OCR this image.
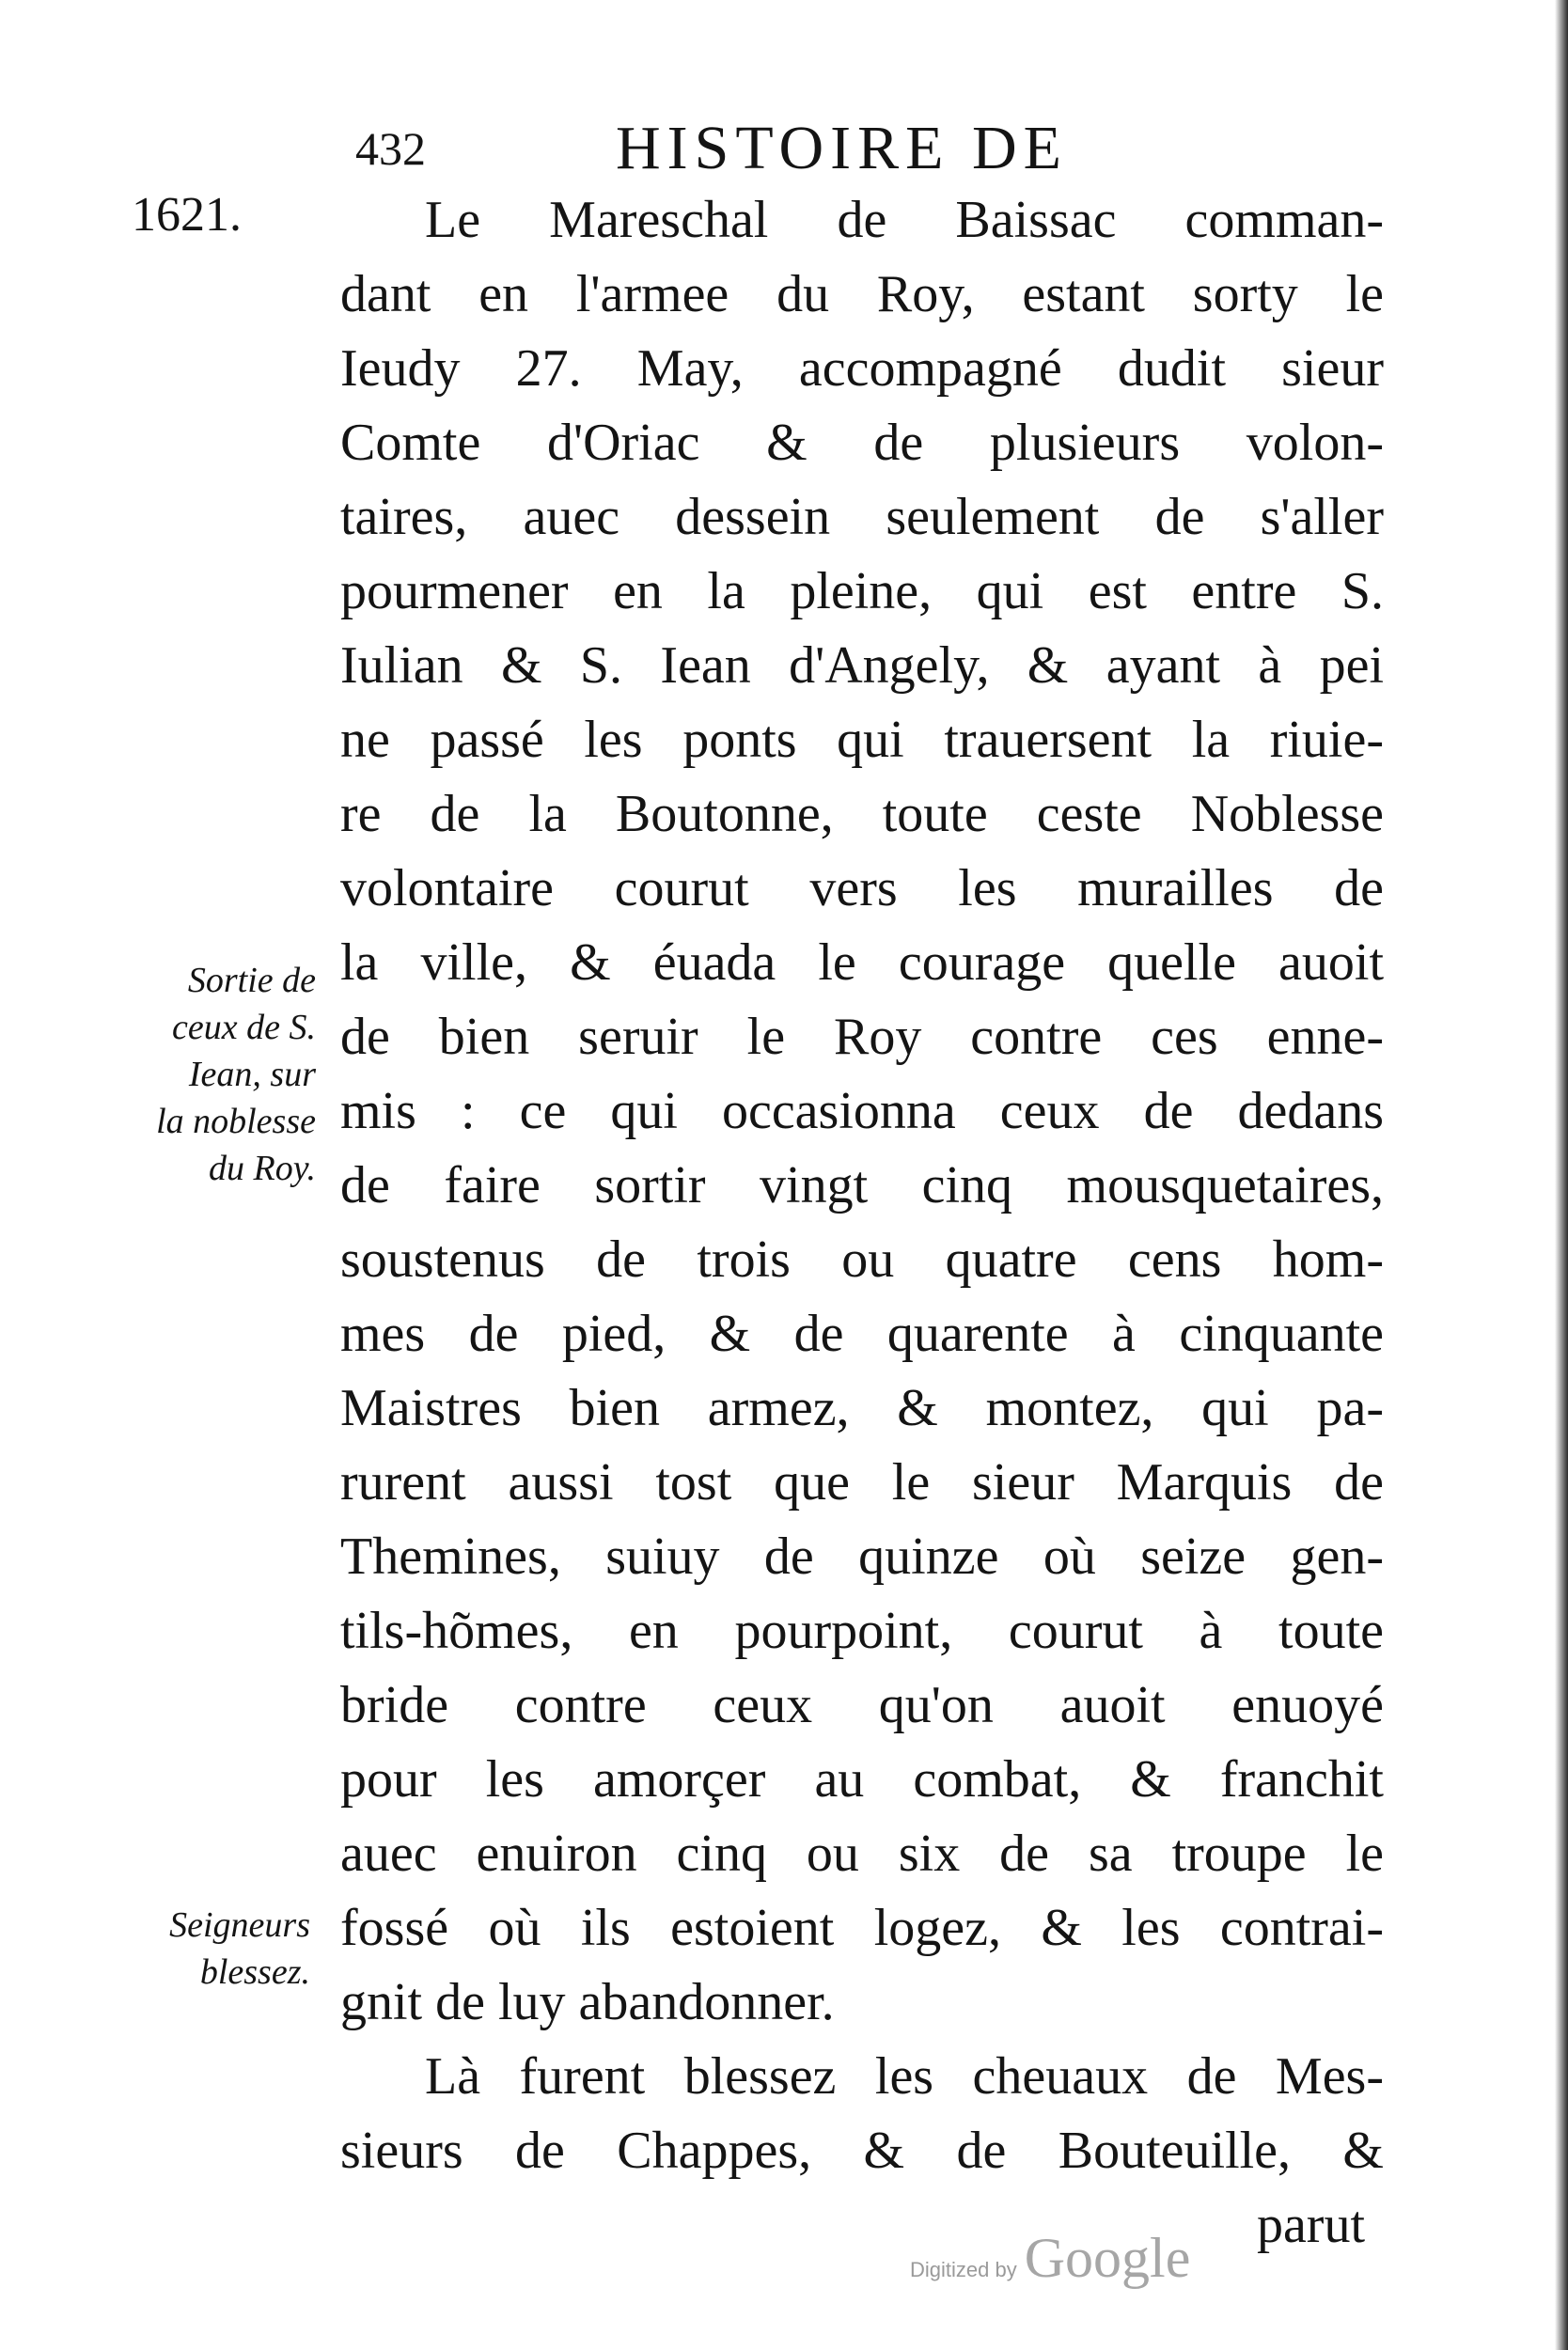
432	HISTOIRE DE
1621.	Le Mareschal de Baissac comman-
dant en l'armee du Roy, estant sorty le
Ieudy 27. May, accompagné dudit sieur
Comte d'Oriac & de plusieurs volon-
taires, auec dessein seulement de s'aller
pourmener en la pleine, qui est entre S.
Iulian & S. Iean d'Angely, & ayant à pei
ne passé les ponts qui trauersent la riuie-
re de la Boutonne, toute ceste Noblesse
volontaire courut vers les murailles de
la ville, & éuada le courage quelle auoit
de bien seruir le Roy contre ces enne-
mis : ce qui occasionna ceux de dedans
de faire sortir vingt cinq mousquetaires,
soustenus de trois ou quatre cens hom-
mes de pied, & de quarente à cinquante
Maistres bien armez, & montez, qui pa-
rurent aussi tost que le sieur Marquis de
Themines, suiuy de quinze où seize gen-
tils-hõmes, en pourpoint, courut à toute
bride contre ceux qu'on auoit enuoyé
pour les amorçer au combat, & franchit
auec enuiron cinq ou six de sa troupe le
fossé où ils estoient logez, & les contrai-
gnit de luy abandonner.
Là furent blessez les cheuaux de Mes-
sieurs de Chappes, & de Bouteuille, &
parut
Sortie de
ceux de S.
Iean, sur
la noblesse
du Roy.
Seigneurs
blessez.
Digitized by Google
